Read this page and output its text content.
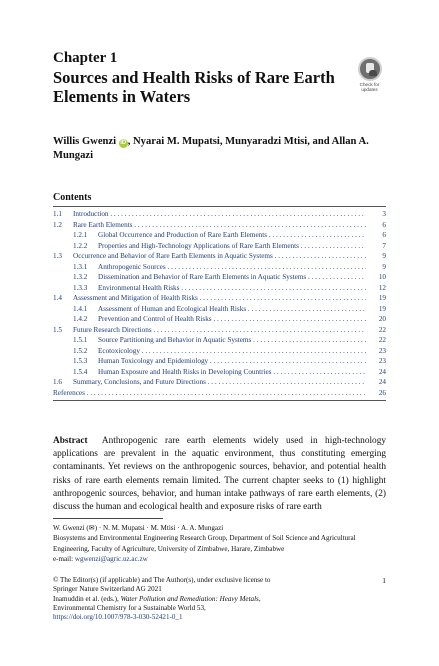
Chapter 1
Sources and Health Risks of Rare Earth Elements in Waters
Check for updates
Willis Gwenzi iD , Nyarai M. Mupatsi, Munyaradzi Mtisi, and Allan A. Mungazi
Contents
1.1 Introduction . . .	3
1.2 Rare Earth Elements . . .	6
1.2.1 Global Occurrence and Production of Rare Earth Elements . . .	6
1.2.2 Properties and High-Technology Applications of Rare Earth Elements . . .	7
1.3 Occurrence and Behavior of Rare Earth Elements in Aquatic Systems . . .	9
1.3.1 Anthropogenic Sources . . .	9
1.3.2 Dissemination and Behavior of Rare Earth Elements in Aquatic Systems . . .	10
1.3.3 Environmental Health Risks . . .	12
1.4 Assessment and Mitigation of Health Risks . . .	19
1.4.1 Assessment of Human and Ecological Health Risks . . .	19
1.4.2 Prevention and Control of Health Risks . . .	20
1.5 Future Research Directions . . .	22
1.5.1 Source Partitioning and Behavior in Aquatic Systems . . .	22
1.5.2 Ecotoxicology . . .	23
1.5.3 Human Toxicology and Epidemiology . . .	23
1.5.4 Human Exposure and Health Risks in Developing Countries . . .	24
1.6 Summary, Conclusions, and Future Directions . . .	24
References . . .	26
Abstract Anthropogenic rare earth elements widely used in high-technology applications are prevalent in the aquatic environment, thus constituting emerging contaminants. Yet reviews on the anthropogenic sources, behavior, and potential health risks of rare earth elements remain limited. The current chapter seeks to (1) highlight anthropogenic sources, behavior, and human intake pathways of rare earth elements, (2) discuss the human and ecological health and exposure risks of rare earth
W. Gwenzi (✉) · N. M. Mupatsi · M. Mtisi · A. A. Mungazi
Biosystems and Environmental Engineering Research Group, Department of Soil Science and Agricultural Engineering, Faculty of Agriculture, University of Zimbabwe, Harare, Zimbabwe
e-mail: wgwenzi@agric.uz.ac.zw
© The Editor(s) (if applicable) and The Author(s), under exclusive license to
Springer Nature Switzerland AG 2021
Inamuddin et al. (eds.), Water Pollution and Remediation: Heavy Metals,
Environmental Chemistry for a Sustainable World 53,
https://doi.org/10.1007/978-3-030-52421-0_1
1
